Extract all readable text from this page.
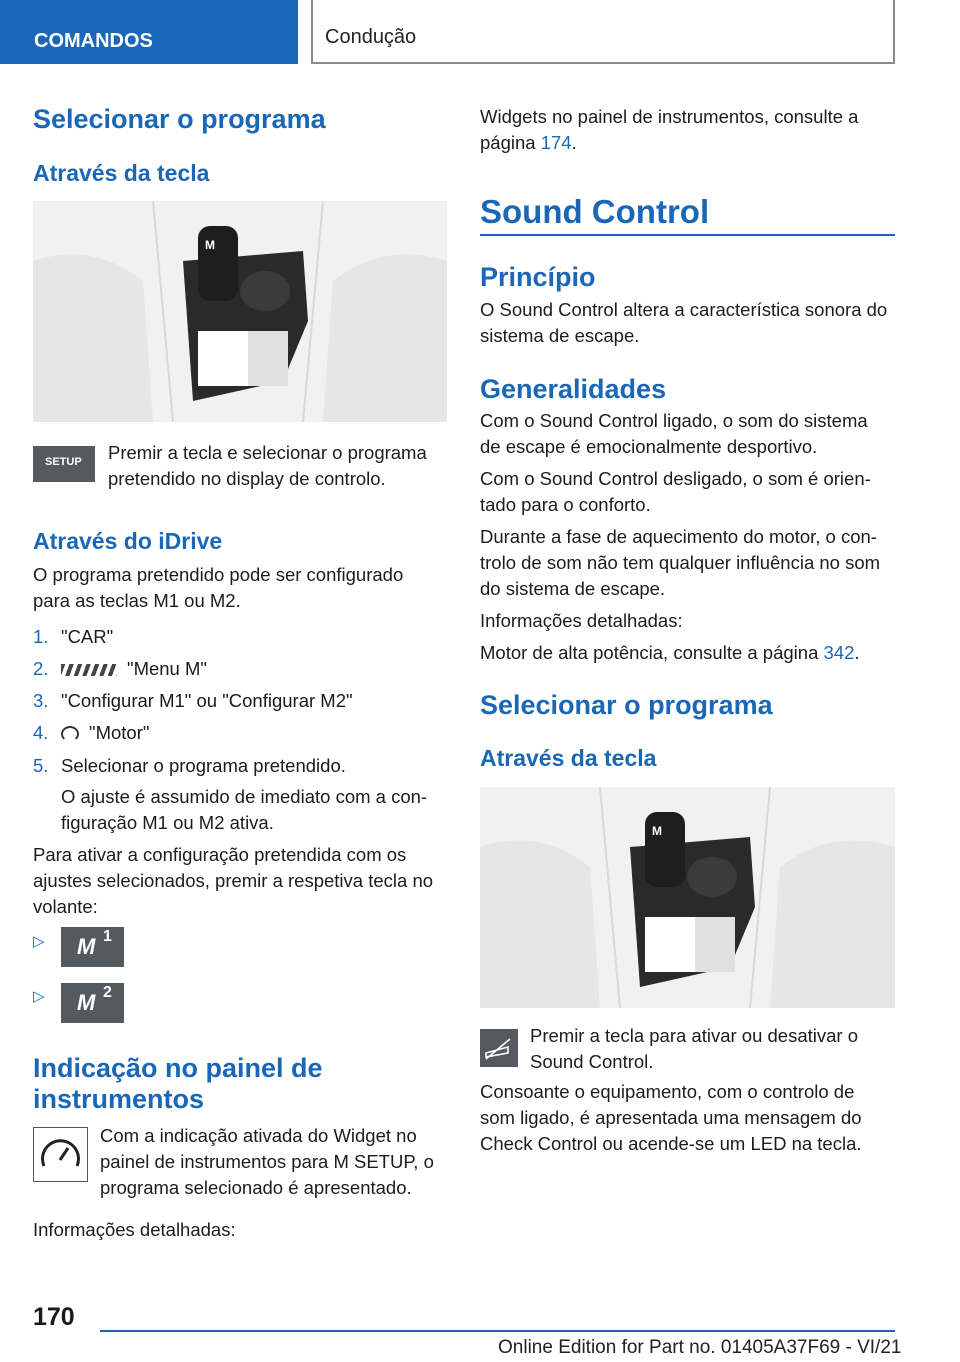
COMANDOS	Condução
Selecionar o programa
Através da tecla
M
SETUP Premir a tecla e selecionar o programa
pretendido no display de controlo.
Através do iDrive
O programa pretendido pode ser configurado
para as teclas M1 ou M2.
1. "CAR"
2.	"Menu M"
3. "Configurar M1" ou "Configurar M2"
4. "Motor"
5. Selecionar o programa pretendido.
O ajuste é assumido de imediato com a con‐
figuração M1 ou M2 ativa.
Para ativar a configuração pretendida com os
ajustes selecionados, premir a respetiva tecla no
volante:
▷ M 1
▷ M 2
Indicação no painel de
instrumentos
Com a indicação ativada do Widget no
painel de instrumentos para M SETUP, o
programa selecionado é apresentado.
Informações detalhadas:
Widgets no painel de instrumentos, consulte a
página 174.
Sound Control
Princípio
O Sound Control altera a característica sonora do
sistema de escape.
Generalidades
Com o Sound Control ligado, o som do sistema
de escape é emocionalmente desportivo.
Com o Sound Control desligado, o som é orien‐
tado para o conforto.
Durante a fase de aquecimento do motor, o con‐
trolo de som não tem qualquer influência no som
do sistema de escape.
Informações detalhadas:
Motor de alta potência, consulte a página 342.
Selecionar o programa
Através da tecla
M
Premir a tecla para ativar ou desativar o
Sound Control.
Consoante o equipamento, com o controlo de
som ligado, é apresentada uma mensagem do
Check Control ou acende-se um LED na tecla.
170
Online Edition for Part no. 01405A37F69 - VI/21
